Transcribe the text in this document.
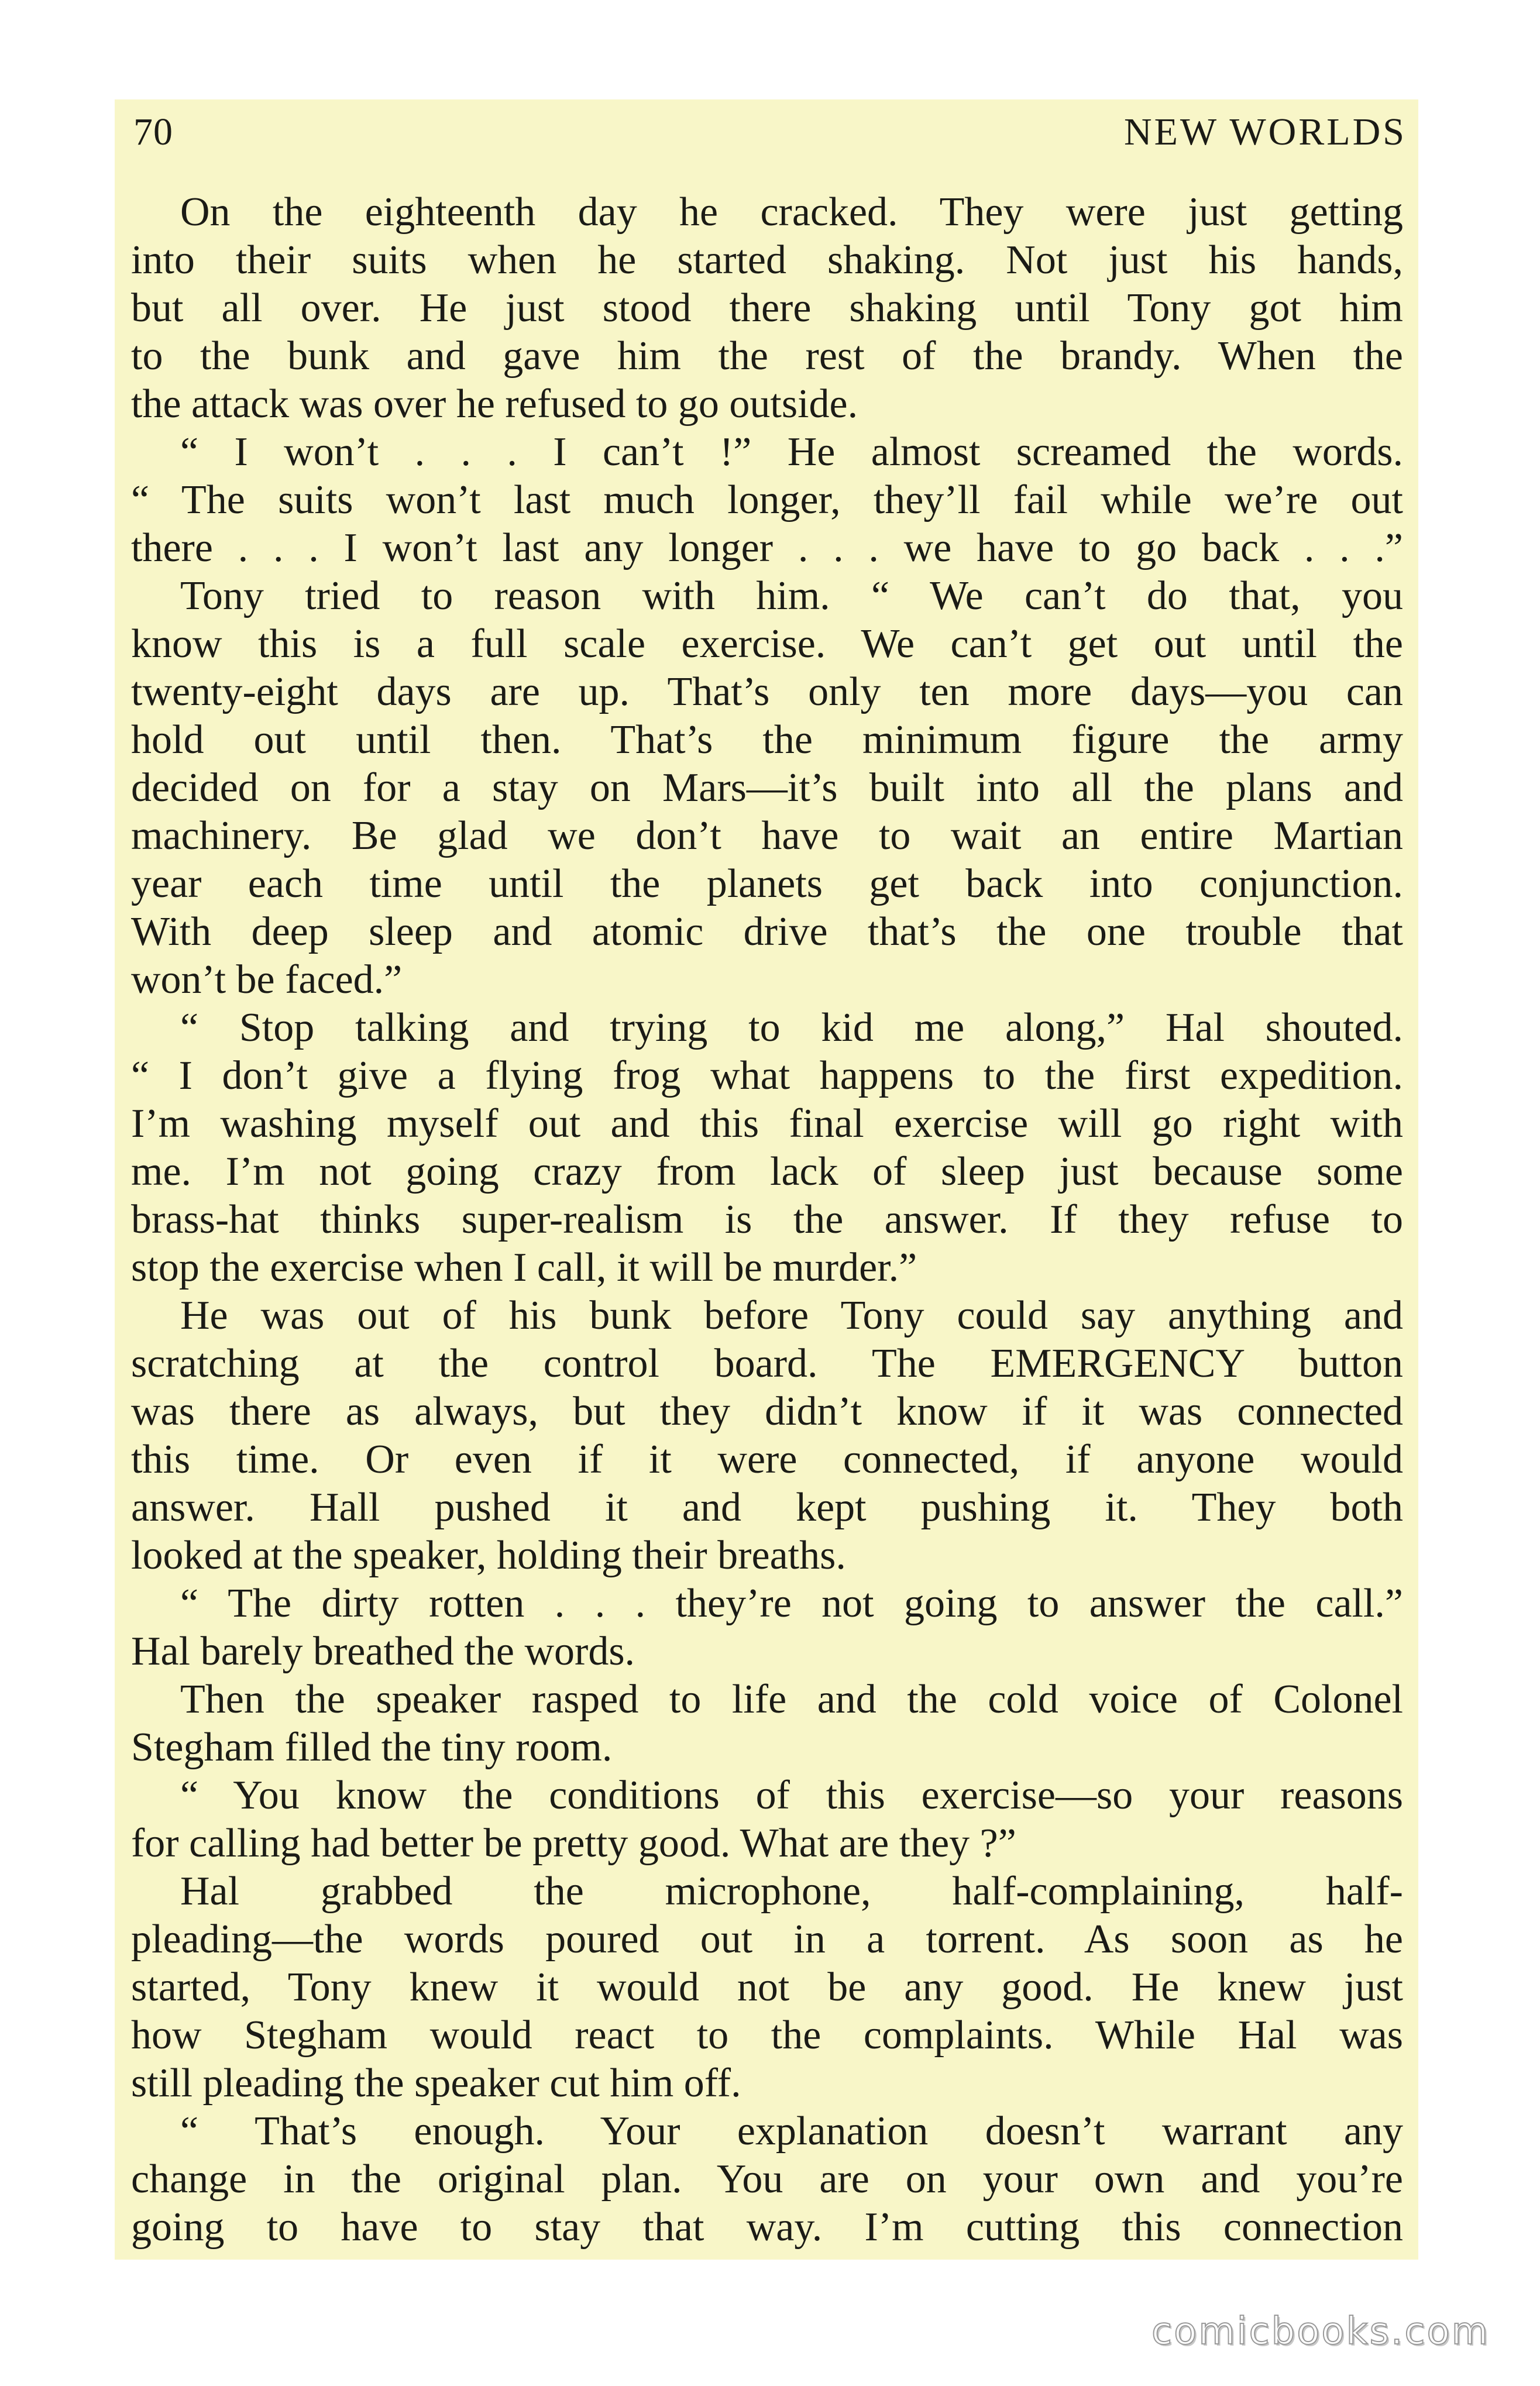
70	NEW WORLDS
On the eighteenth day he cracked. They were just getting
into their suits when he started shaking. Not just his hands,
but all over. He just stood there shaking until Tony got him
to the bunk and gave him the rest of the brandy. When the
the attack was over he refused to go outside.
“ I won’t . . . I can’t !” He almost screamed the words.
“ The suits won’t last much longer, they’ll fail while we’re out
there . . . I won’t last any longer . . . we have to go back . . .”
Tony tried to reason with him. “ We can’t do that, you
know this is a full scale exercise. We can’t get out until the
twenty-eight days are up. That’s only ten more days—you can
hold out until then. That’s the minimum figure the army
decided on for a stay on Mars—it’s built into all the plans and
machinery. Be glad we don’t have to wait an entire Martian
year each time until the planets get back into conjunction.
With deep sleep and atomic drive that’s the one trouble that
won’t be faced.”
“ Stop talking and trying to kid me along,” Hal shouted.
“ I don’t give a flying frog what happens to the first expedition.
I’m washing myself out and this final exercise will go right with
me. I’m not going crazy from lack of sleep just because some
brass-hat thinks super-realism is the answer. If they refuse to
stop the exercise when I call, it will be murder.”
He was out of his bunk before Tony could say anything and
scratching at the control board. The EMERGENCY button
was there as always, but they didn’t know if it was connected
this time. Or even if it were connected, if anyone would
answer. Hall pushed it and kept pushing it. They both
looked at the speaker, holding their breaths.
“ The dirty rotten . . . they’re not going to answer the call.”
Hal barely breathed the words.
Then the speaker rasped to life and the cold voice of Colonel
Stegham filled the tiny room.
“ You know the conditions of this exercise—so your reasons
for calling had better be pretty good. What are they ?”
Hal grabbed the microphone, half-complaining, half-
pleading—the words poured out in a torrent. As soon as he
started, Tony knew it would not be any good. He knew just
how Stegham would react to the complaints. While Hal was
still pleading the speaker cut him off.
“ That’s enough. Your explanation doesn’t warrant any
change in the original plan. You are on your own and you’re
going to have to stay that way. I’m cutting this connection
comicbooks.com
